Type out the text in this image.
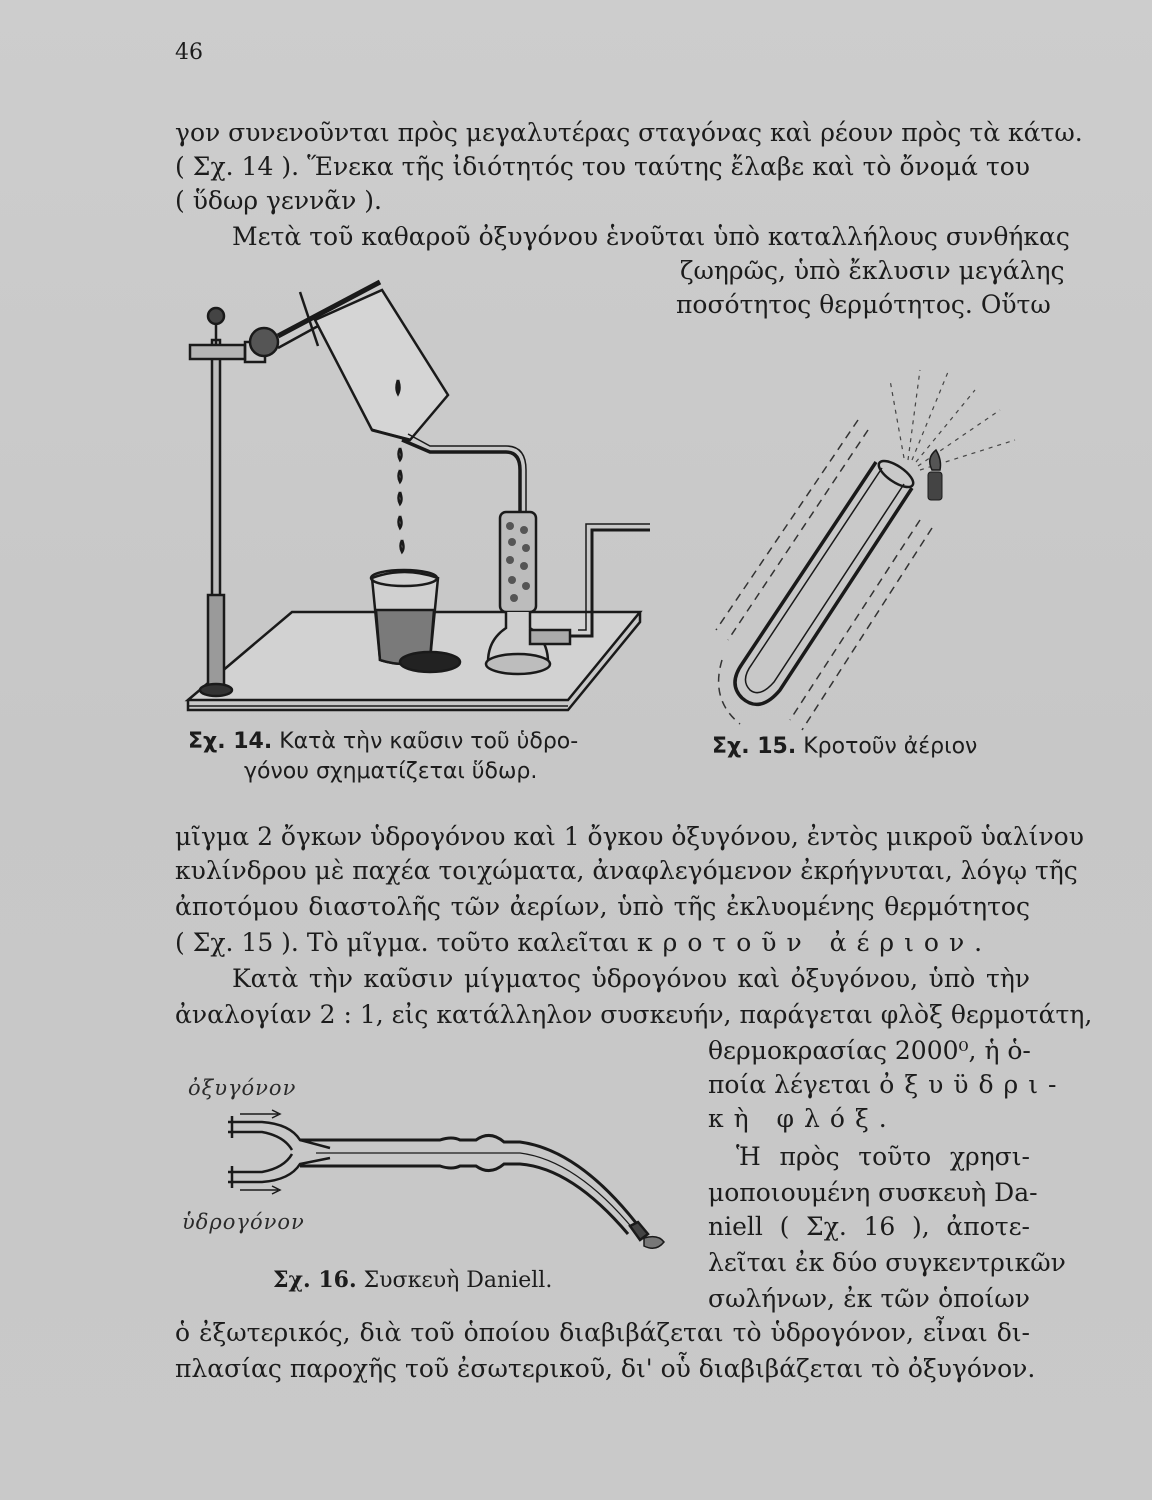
46
γον συνενοῦνται πρὸς μεγαλυτέρας σταγόνας καὶ ρέουν πρὸς τὰ κάτω.
( Σχ. 14 ). Ἕνεκα τῆς ἰδιότητός του ταύτης ἔλαβε καὶ τὸ ὄνομά του
( ὕδωρ γεννᾶν ).
Μετὰ τοῦ καθαροῦ ὀξυγόνου ἑνοῦται ὑπὸ καταλλήλους συνθήκας
ζωηρῶς, ὑπὸ ἔκλυσιν μεγάλης
ποσότητος θερμότητος. Οὕτω
Σχ. 14. Κατὰ τὴν καῦσιν τοῦ ὑδρο-
γόνου σχηματίζεται ὕδωρ.
Σχ. 15. Κροτοῦν ἀέριον
μῖγμα 2 ὄγκων ὑδρογόνου καὶ 1 ὄγκου ὀξυγόνου, ἐντὸς μικροῦ ὑαλίνου
κυλίνδρου μὲ παχέα τοιχώματα, ἀναφλεγόμενον ἐκρήγνυται, λόγῳ τῆς
ἀποτόμου διαστολῆς τῶν ἀερίων, ὑπὸ τῆς ἐκλυομένης θερμότητος
( Σχ. 15 ). Τὸ μῖγμα. τοῦτο καλεῖται κροτοῦν ἀέριον.
Κατὰ τὴν καῦσιν μίγματος ὑδρογόνου καὶ ὀξυγόνου, ὑπὸ τὴν
ἀναλογίαν 2 : 1, εἰς κατάλληλον συσκευήν, παράγεται φλὸξ θερμοτάτη,
θερμοκρασίας 2000⁰, ἡ ὁ-
ποία λέγεται ὀξυϋδρι-
κὴ φλόξ.
ὀξυγόνον
ὑδρογόνον
Σχ. 16. Συσκευὴ Daniell.
Ἡ πρὸς τοῦτο χρησι-
μοποιουμένη συσκευὴ Da-
niell ( Σχ. 16 ), ἀποτε-
λεῖται ἐκ δύο συγκεντρικῶν
σωλήνων, ἐκ τῶν ὁποίων
ὁ ἐξωτερικός, διὰ τοῦ ὁποίου διαβιβάζεται τὸ ὑδρογόνον, εἶναι δι-
πλασίας παροχῆς τοῦ ἐσωτερικοῦ, δι' οὗ διαβιβάζεται τὸ ὀξυγόνον.
